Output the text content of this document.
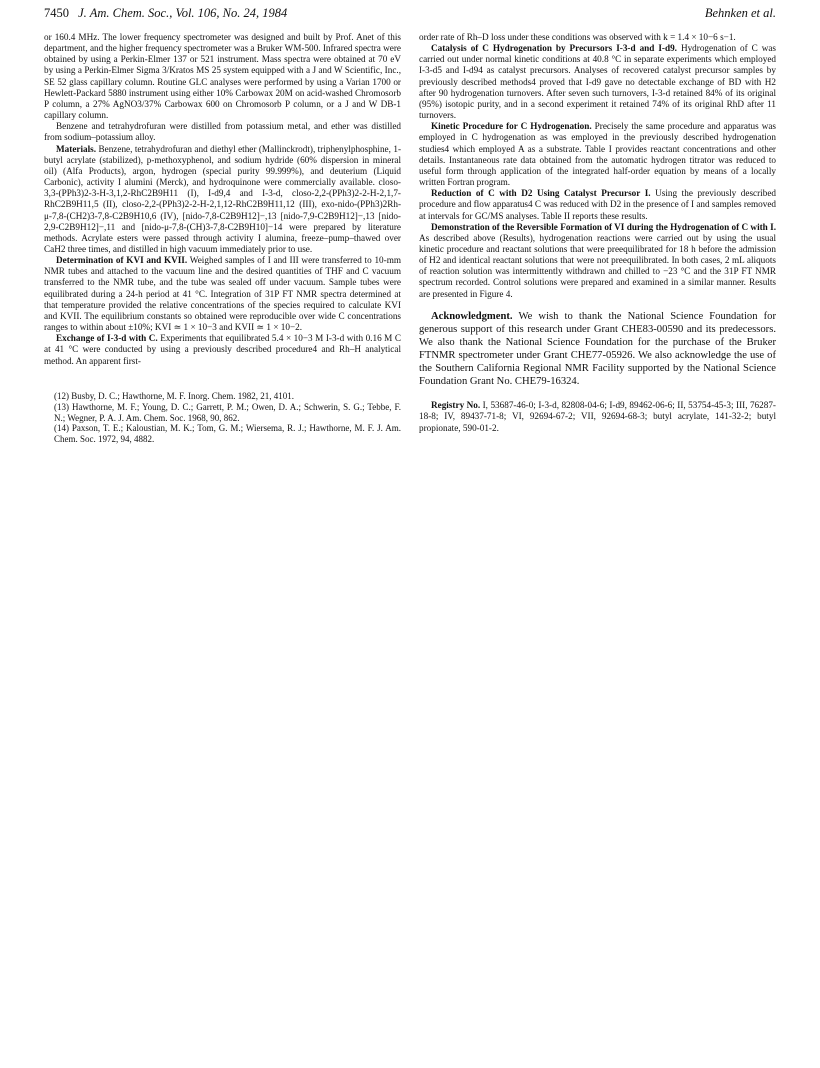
7450 J. Am. Chem. Soc., Vol. 106, No. 24, 1984	Behnken et al.

or 160.4 MHz. The lower frequency spectrometer was designed and built by Prof. Anet of this department, and the higher frequency spectrometer was a Bruker WM-500. Infrared spectra were obtained by using a Perkin-Elmer 137 or 521 instrument. Mass spectra were obtained at 70 eV by using a Perkin-Elmer Sigma 3/Kratos MS 25 system equipped with a J and W Scientific, Inc., SE 52 glass capillary column. Routine GLC analyses were performed by using a Varian 1700 or Hewlett-Packard 5880 instrument using either 10% Carbowax 20M on acid-washed Chromosorb P column, a 27% AgNO3/37% Carbowax 600 on Chromosorb P column, or a J and W DB-1 capillary column.

Benzene and tetrahydrofuran were distilled from potassium metal, and ether was distilled from sodium–potassium alloy.

Materials. Benzene, tetrahydrofuran and diethyl ether (Mallinckrodt), triphenylphosphine, 1-butyl acrylate (stabilized), p-methoxyphenol, and sodium hydride (60% dispersion in mineral oil) (Alfa Products), argon, hydrogen (special purity 99.999%), and deuterium (Liquid Carbonic), activity I alumini (Merck), and hydroquinone were commercially available. closo-3,3-(PPh3)2-3-H-3,1,2-RhC2B9H11 (I), I-d9,4 and I-3-d, closo-2,2-(PPh3)2-2-H-2,1,7-RhC2B9H11,5 (II), closo-2,2-(PPh3)2-2-H-2,1,12-RhC2B9H11,12 (III), exo-nido-(PPh3)2Rh-μ-7,8-(CH2)3-7,8-C2B9H10,6 (IV), [nido-7,8-C2B9H12]−,13 [nido-7,9-C2B9H12]−,13 [nido-2,9-C2B9H12]−,11 and [nido-μ-7,8-(CH)3-7,8-C2B9H10]−14 were prepared by literature methods. Acrylate esters were passed through activity I alumina, freeze–pump–thawed over CaH2 three times, and distilled in high vacuum immediately prior to use.

Determination of KVI and KVII. Weighed samples of I and III were transferred to 10-mm NMR tubes and attached to the vacuum line and the desired quantities of THF and C vacuum transferred to the NMR tube, and the tube was sealed off under vacuum. Sample tubes were equilibrated during a 24-h period at 41 °C. Integration of 31P FT NMR spectra determined at that temperature provided the relative concentrations of the species required to calculate KVI and KVII. The equilibrium constants so obtained were reproducible over wide C concentrations ranges to within about ±10%; KVI ≃ 1 × 10−3 and KVII ≃ 1 × 10−2.

Exchange of I-3-d with C. Experiments that equilibrated 5.4 × 10−3 M I-3-d with 0.16 M C at 41 °C were conducted by using a previously described procedure4 and Rh–H analytical method. An apparent first-

(12) Busby, D. C.; Hawthorne, M. F. Inorg. Chem. 1982, 21, 4101.

(13) Hawthorne, M. F.; Young, D. C.; Garrett, P. M.; Owen, D. A.; Schwerin, S. G.; Tebbe, F. N.; Wegner, P. A. J. Am. Chem. Soc. 1968, 90, 862.

(14) Paxson, T. E.; Kaloustian, M. K.; Tom, G. M.; Wiersema, R. J.; Hawthorne, M. F. J. Am. Chem. Soc. 1972, 94, 4882.

order rate of Rh–D loss under these conditions was observed with k = 1.4 × 10−6 s−1.

Catalysis of C Hydrogenation by Precursors I-3-d and I-d9. Hydrogenation of C was carried out under normal kinetic conditions at 40.8 °C in separate experiments which employed I-3-d5 and I-d94 as catalyst precursors. Analyses of recovered catalyst precursor samples by previously described methods4 proved that I-d9 gave no detectable exchange of BD with H2 after 90 hydrogenation turnovers. After seven such turnovers, I-3-d retained 84% of its original (95%) isotopic purity, and in a second experiment it retained 74% of its original RhD after 11 turnovers.

Kinetic Procedure for C Hydrogenation. Precisely the same procedure and apparatus was employed in C hydrogenation as was employed in the previously described hydrogenation studies4 which employed A as a substrate. Table I provides reactant concentrations and other details. Instantaneous rate data obtained from the automatic hydrogen titrator was reduced to useful form through application of the integrated half-order equation by means of a locally written Fortran program.

Reduction of C with D2 Using Catalyst Precursor I. Using the previously described procedure and flow apparatus4 C was reduced with D2 in the presence of I and samples removed at intervals for GC/MS analyses. Table II reports these results.

Demonstration of the Reversible Formation of VI during the Hydrogenation of C with I. As described above (Results), hydrogenation reactions were carried out by using the usual kinetic procedure and reactant solutions that were preequilibrated for 18 h before the admission of H2 and identical reactant solutions that were not preequilibrated. In both cases, 2 mL aliquots of reaction solution was intermittently withdrawn and chilled to −23 °C and the 31P FT NMR spectrum recorded. Control solutions were prepared and examined in a similar manner. Results are presented in Figure 4.

Acknowledgment. We wish to thank the National Science Foundation for generous support of this research under Grant CHE83-00590 and its predecessors. We also thank the National Science Foundation for the purchase of the Bruker FTNMR spectrometer under Grant CHE77-05926. We also acknowledge the use of the Southern California Regional NMR Facility supported by the National Science Foundation Grant No. CHE79-16324.

Registry No. I, 53687-46-0; I-3-d, 82808-04-6; I-d9, 89462-06-6; II, 53754-45-3; III, 76287-18-8; IV, 89437-71-8; VI, 92694-67-2; VII, 92694-68-3; butyl acrylate, 141-32-2; butyl propionate, 590-01-2.
